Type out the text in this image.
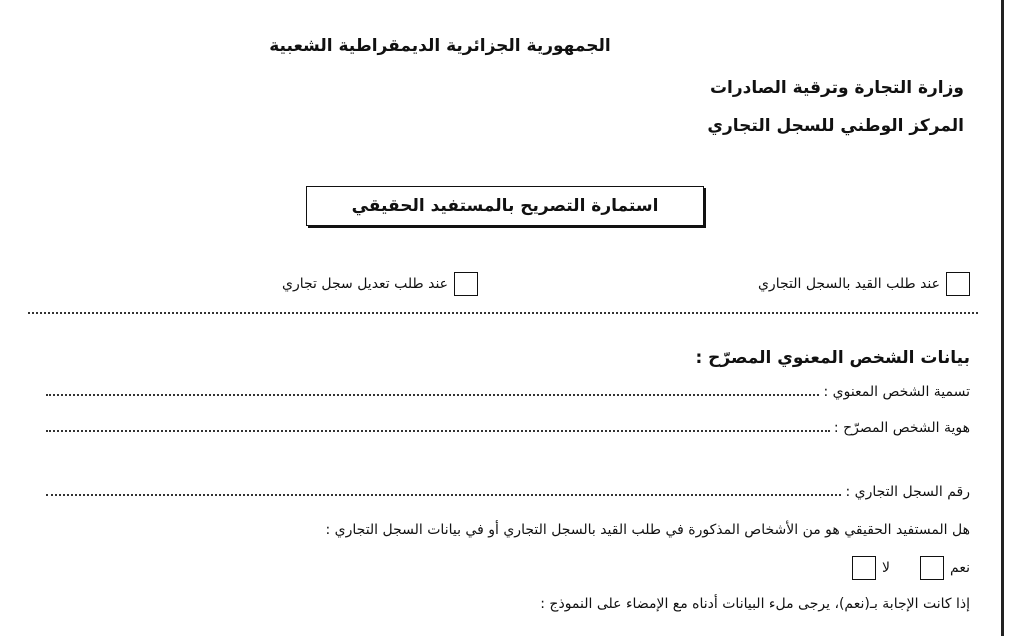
الجمهورية الجزائرية الديمقراطية الشعبية
وزارة التجارة وترقية الصادرات
المركز الوطني للسجل التجاري
استمارة التصريح بالمستفيد الحقيقي
عند طلب القيد بالسجل التجاري
عند طلب تعديل سجل تجاري
بيانات الشخص المعنوي المصرّح :
تسمية الشخص المعنوي :
هوية الشخص المصرّح :
رقم السجل التجاري :
هل المستفيد الحقيقي هو من الأشخاص المذكورة في طلب القيد بالسجل التجاري أو في بيانات السجل التجاري :
نعم
لا
إذا كانت الإجابة بـ(نعم)، يرجى ملء البيانات أدناه مع الإمضاء على النموذج :
